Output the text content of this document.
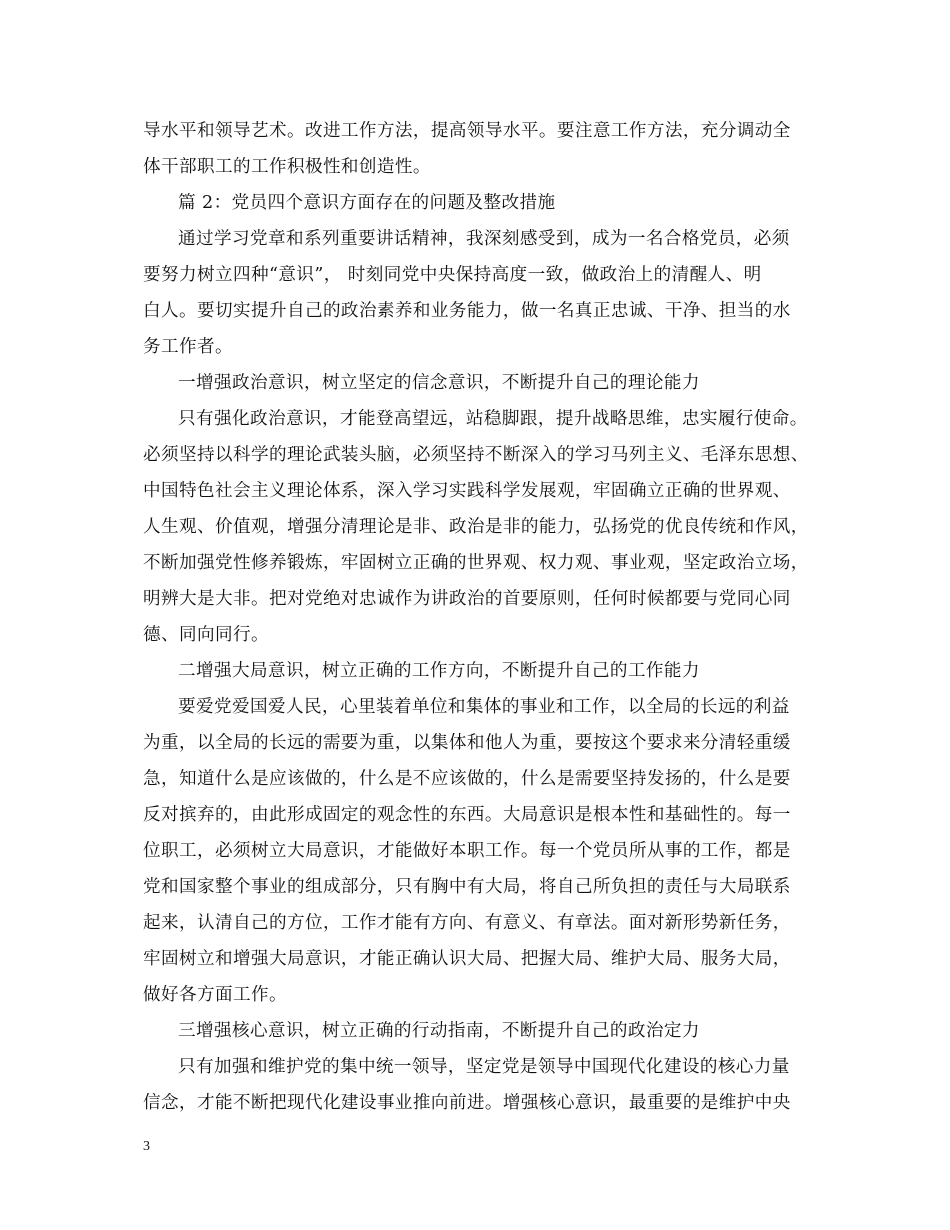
导水平和领导艺术。改进工作方法，提高领导水平。要注意工作方法，充分调动全
体干部职工的工作积极性和创造性。
篇 2：党员四个意识方面存在的问题及整改措施
通过学习党章和系列重要讲话精神，我深刻感受到，成为一名合格党员，必须
要努力树立四种“意识”， 时刻同党中央保持高度一致，做政治上的清醒人、明
白人。要切实提升自己的政治素养和业务能力，做一名真正忠诚、干净、担当的水
务工作者。
一增强政治意识，树立坚定的信念意识，不断提升自己的理论能力
只有强化政治意识，才能登高望远，站稳脚跟，提升战略思维，忠实履行使命。
必须坚持以科学的理论武装头脑，必须坚持不断深入的学习马列主义、毛泽东思想、
中国特色社会主义理论体系，深入学习实践科学发展观，牢固确立正确的世界观、
人生观、价值观，增强分清理论是非、政治是非的能力，弘扬党的优良传统和作风，
不断加强党性修养锻炼，牢固树立正确的世界观、权力观、事业观，坚定政治立场，
明辨大是大非。把对党绝对忠诚作为讲政治的首要原则，任何时候都要与党同心同
德、同向同行。
二增强大局意识，树立正确的工作方向，不断提升自己的工作能力
要爱党爱国爱人民，心里装着单位和集体的事业和工作，以全局的长远的利益
为重，以全局的长远的需要为重，以集体和他人为重，要按这个要求来分清轻重缓
急，知道什么是应该做的，什么是不应该做的，什么是需要坚持发扬的，什么是要
反对摈弃的，由此形成固定的观念性的东西。大局意识是根本性和基础性的。每一
位职工，必须树立大局意识，才能做好本职工作。每一个党员所从事的工作，都是
党和国家整个事业的组成部分，只有胸中有大局，将自己所负担的责任与大局联系
起来，认清自己的方位，工作才能有方向、有意义、有章法。面对新形势新任务，
牢固树立和增强大局意识，才能正确认识大局、把握大局、维护大局、服务大局，
做好各方面工作。
三增强核心意识，树立正确的行动指南，不断提升自己的政治定力
只有加强和维护党的集中统一领导，坚定党是领导中国现代化建设的核心力量
信念，才能不断把现代化建设事业推向前进。增强核心意识，最重要的是维护中央
3
